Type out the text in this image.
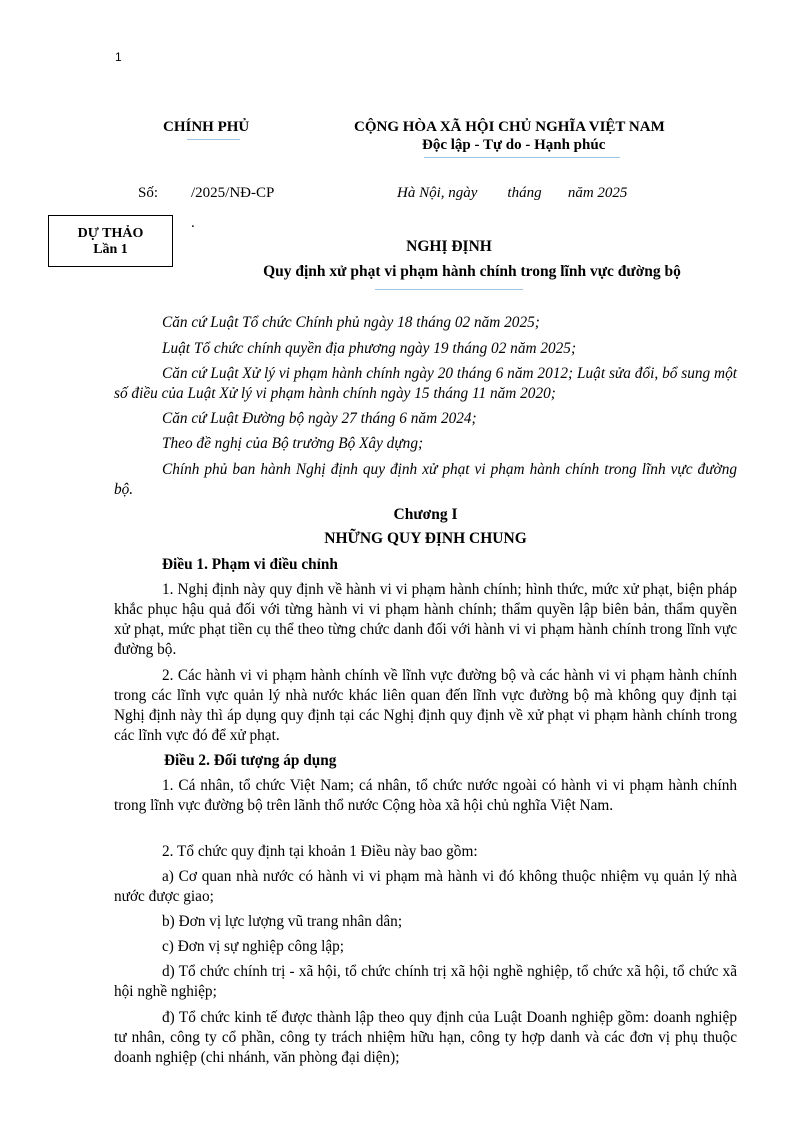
1
CHÍNH PHỦ	CỘNG HÒA XÃ HỘI CHỦ NGHĨA VIỆT NAM
Độc lập - Tự do - Hạnh phúc
Số: /2025/NĐ-CP	Hà Nội, ngày        tháng       năm 2025
.
DỰ THẢO
Lần 1	NGHỊ ĐỊNH
Quy định xử phạt vi phạm hành chính trong lĩnh vực đường bộ
Căn cứ Luật Tổ chức Chính phủ ngày 18 tháng 02 năm 2025;
Luật Tổ chức chính quyền địa phương ngày 19 tháng 02 năm 2025;
Căn cứ Luật Xử lý vi phạm hành chính ngày 20 tháng 6 năm 2012; Luật sửa đổi, bổ sung một số điều của Luật Xử lý vi phạm hành chính ngày 15 tháng 11 năm 2020;
Căn cứ Luật Đường bộ ngày 27 tháng 6 năm 2024;
Theo đề nghị của Bộ trưởng Bộ Xây dựng;
Chính phủ ban hành Nghị định quy định xử phạt vi phạm hành chính trong lĩnh vực đường bộ.
Chương I
NHỮNG QUY ĐỊNH CHUNG
Điều 1. Phạm vi điều chỉnh
1. Nghị định này quy định về hành vi vi phạm hành chính; hình thức, mức xử phạt, biện pháp khắc phục hậu quả đối với từng hành vi vi phạm hành chính; thẩm quyền lập biên bản, thẩm quyền xử phạt, mức phạt tiền cụ thể theo từng chức danh đối với hành vi vi phạm hành chính trong lĩnh vực đường bộ.
2. Các hành vi vi phạm hành chính về lĩnh vực đường bộ và các hành vi vi phạm hành chính trong các lĩnh vực quản lý nhà nước khác liên quan đến lĩnh vực đường bộ mà không quy định tại Nghị định này thì áp dụng quy định tại các Nghị định quy định về xử phạt vi phạm hành chính trong các lĩnh vực đó để xử phạt.
Điều 2. Đối tượng áp dụng
1. Cá nhân, tổ chức Việt Nam; cá nhân, tổ chức nước ngoài có hành vi vi phạm hành chính trong lĩnh vực đường bộ trên lãnh thổ nước Cộng hòa xã hội chủ nghĩa Việt Nam.
2. Tổ chức quy định tại khoản 1 Điều này bao gồm:
a) Cơ quan nhà nước có hành vi vi phạm mà hành vi đó không thuộc nhiệm vụ quản lý nhà nước được giao;
b) Đơn vị lực lượng vũ trang nhân dân;
c) Đơn vị sự nghiệp công lập;
d) Tổ chức chính trị - xã hội, tổ chức chính trị xã hội nghề nghiệp, tổ chức xã hội, tổ chức xã hội nghề nghiệp;
đ) Tổ chức kinh tế được thành lập theo quy định của Luật Doanh nghiệp gồm: doanh nghiệp tư nhân, công ty cổ phần, công ty trách nhiệm hữu hạn, công ty hợp danh và các đơn vị phụ thuộc doanh nghiệp (chi nhánh, văn phòng đại diện);
